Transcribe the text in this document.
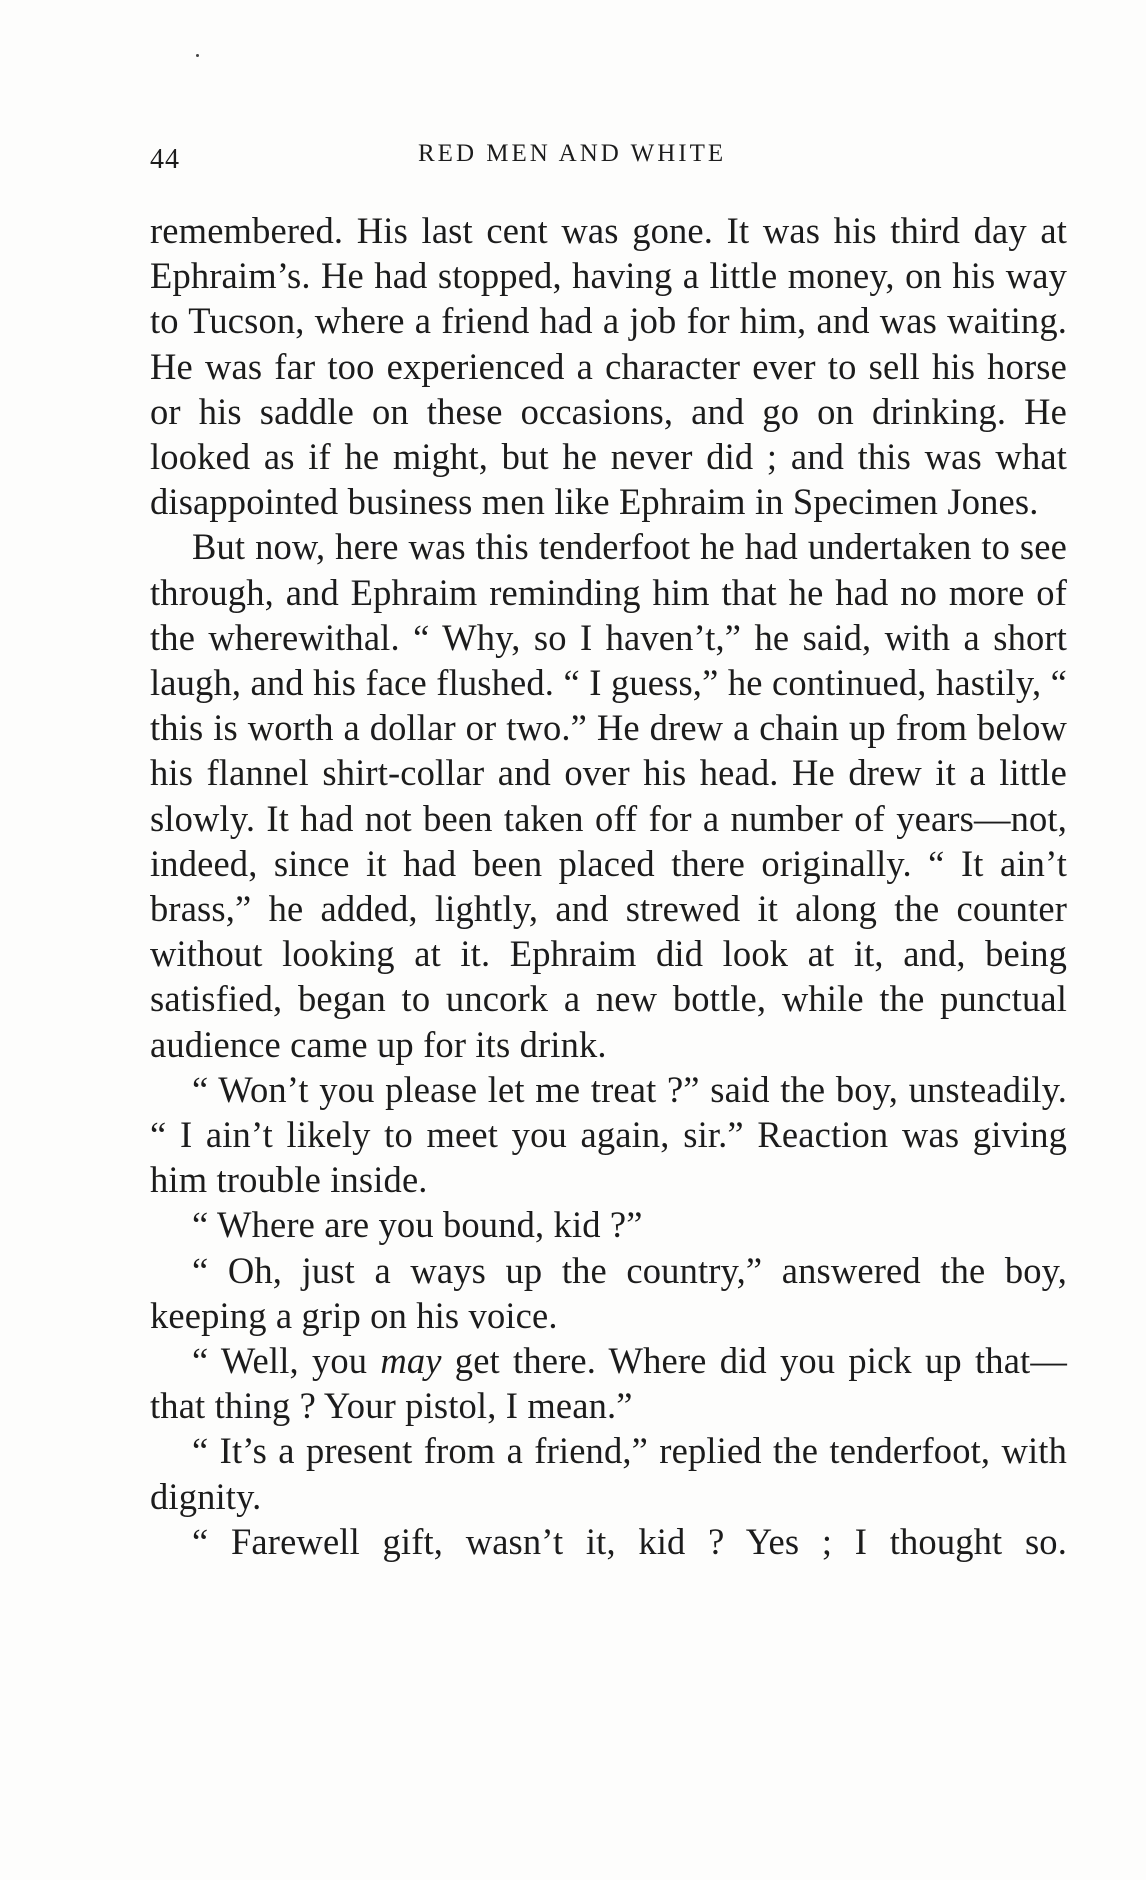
44	RED MEN AND WHITE

remembered. His last cent was gone. It was his third day at Ephraim’s. He had stopped, having a little money, on his way to Tucson, where a friend had a job for him, and was waiting. He was far too experienced a character ever to sell his horse or his saddle on these occasions, and go on drinking. He looked as if he might, but he never did ; and this was what disappointed business men like Ephraim in Specimen Jones.

But now, here was this tenderfoot he had undertaken to see through, and Ephraim reminding him that he had no more of the wherewithal. “ Why, so I haven’t,” he said, with a short laugh, and his face flushed. “ I guess,” he continued, hastily, “ this is worth a dollar or two.” He drew a chain up from below his flannel shirt-collar and over his head. He drew it a little slowly. It had not been taken off for a number of years—not, indeed, since it had been placed there originally. “ It ain’t brass,” he added, lightly, and strewed it along the counter without looking at it. Ephraim did look at it, and, being satisfied, began to uncork a new bottle, while the punctual audience came up for its drink.

“ Won’t you please let me treat ?” said the boy, unsteadily. “ I ain’t likely to meet you again, sir.” Reaction was giving him trouble inside.

“ Where are you bound, kid ?”

“ Oh, just a ways up the country,” answered the boy, keeping a grip on his voice.

“ Well, you may get there. Where did you pick up that—that thing ? Your pistol, I mean.”

“ It’s a present from a friend,” replied the tenderfoot, with dignity.

“ Farewell gift, wasn’t it, kid ? Yes ; I thought so.
